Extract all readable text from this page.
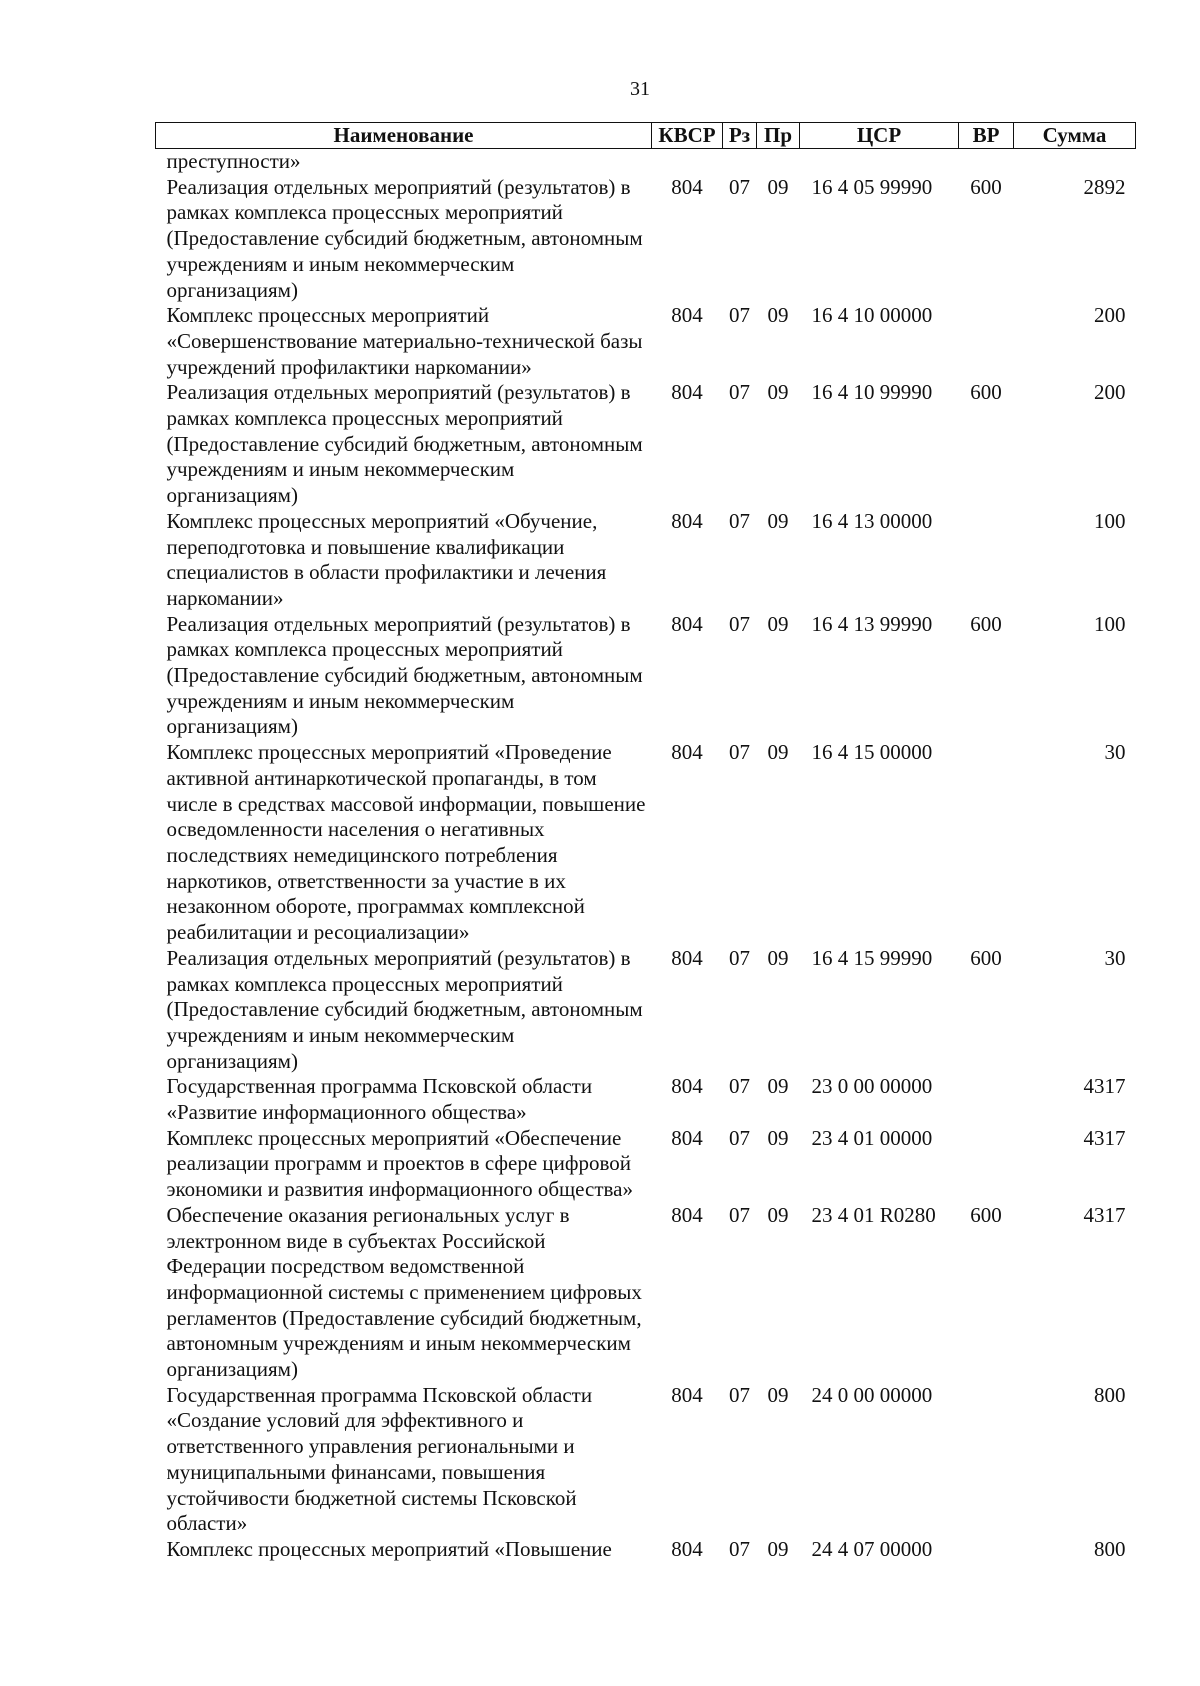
31
Наименование	КВСР	Рз	Пр	ЦСР	ВР	Сумма
преступности»						
Реализация отдельных мероприятий (результатов) в рамках комплекса процессных мероприятий (Предоставление субсидий бюджетным, автономным учреждениям и иным некоммерческим организациям)	804	07	09	16 4 05 99990	600	2892
Комплекс процессных мероприятий «Совершенствование материально-технической базы учреждений профилактики наркомании»	804	07	09	16 4 10 00000		200
Реализация отдельных мероприятий (результатов) в рамках комплекса процессных мероприятий (Предоставление субсидий бюджетным, автономным учреждениям и иным некоммерческим организациям)	804	07	09	16 4 10 99990	600	200
Комплекс процессных мероприятий «Обучение, переподготовка и повышение квалификации специалистов в области профилактики и лечения наркомании»	804	07	09	16 4 13 00000		100
Реализация отдельных мероприятий (результатов) в рамках комплекса процессных мероприятий (Предоставление субсидий бюджетным, автономным учреждениям и иным некоммерческим организациям)	804	07	09	16 4 13 99990	600	100
Комплекс процессных мероприятий «Проведение активной антинаркотической пропаганды, в том числе в средствах массовой информации, повышение осведомленности населения о негативных последствиях немедицинского потребления наркотиков, ответственности за участие в их незаконном обороте, программах комплексной реабилитации и ресоциализации»	804	07	09	16 4 15 00000		30
Реализация отдельных мероприятий (результатов) в рамках комплекса процессных мероприятий (Предоставление субсидий бюджетным, автономным учреждениям и иным некоммерческим организациям)	804	07	09	16 4 15 99990	600	30
Государственная программа Псковской области «Развитие информационного общества»	804	07	09	23 0 00 00000		4317
Комплекс процессных мероприятий «Обеспечение реализации программ и проектов в сфере цифровой экономики и развития информационного общества»	804	07	09	23 4 01 00000		4317
Обеспечение оказания региональных услуг в электронном виде в субъектах Российской Федерации посредством ведомственной информационной системы с применением цифровых регламентов (Предоставление субсидий бюджетным, автономным учреждениям и иным некоммерческим организациям)	804	07	09	23 4 01 R0280	600	4317
Государственная программа Псковской области «Создание условий для эффективного и ответственного управления региональными и муниципальными финансами, повышения устойчивости бюджетной системы Псковской области»	804	07	09	24 0 00 00000		800
Комплекс процессных мероприятий «Повышение	804	07	09	24 4 07 00000		800
